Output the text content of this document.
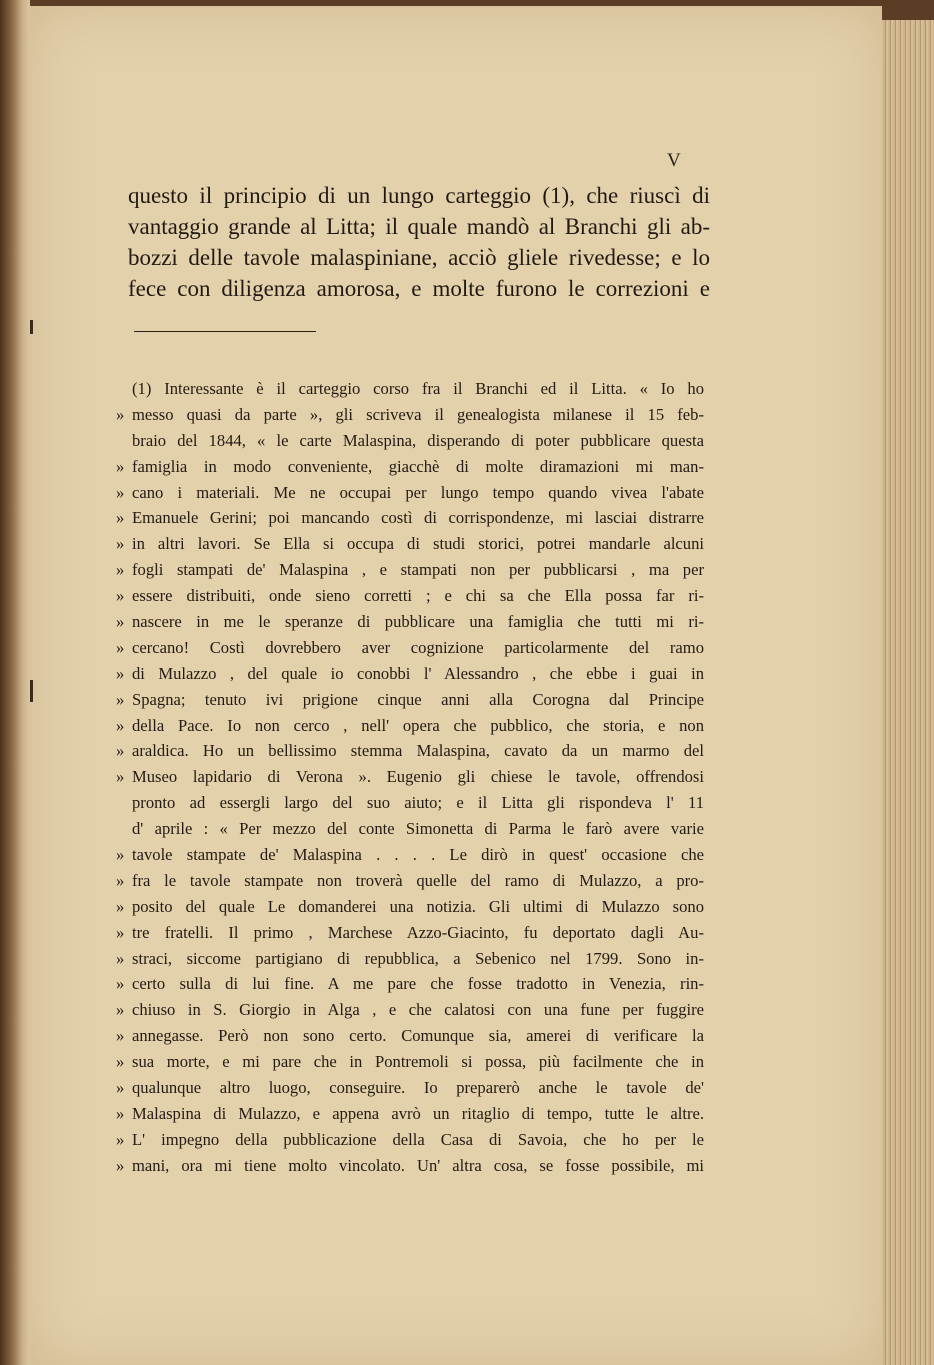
V
questo il principio di un lungo carteggio (1), che riuscì di
vantaggio grande al Litta; il quale mandò al Branchi gli ab-
bozzi delle tavole malaspiniane, acciò gliele rivedesse; e lo
fece con diligenza amorosa, e molte furono le correzioni e
(1) Interessante è il carteggio corso fra il Branchi ed il Litta. « Io ho
» messo quasi da parte », gli scriveva il genealogista milanese il 15 feb-
braio del 1844, « le carte Malaspina, disperando di poter pubblicare questa
» famiglia in modo conveniente, giacchè di molte diramazioni mi man-
» cano i materiali. Me ne occupai per lungo tempo quando vivea l'abate
» Emanuele Gerini; poi mancando costì di corrispondenze, mi lasciai distrarre
» in altri lavori. Se Ella si occupa di studi storici, potrei mandarle alcuni
» fogli stampati de' Malaspina , e stampati non per pubblicarsi , ma per
» essere distribuiti, onde sieno corretti ; e chi sa che Ella possa far ri-
» nascere in me le speranze di pubblicare una famiglia che tutti mi ri-
» cercano! Costì dovrebbero aver cognizione particolarmente del ramo
» di Mulazzo , del quale io conobbi l' Alessandro , che ebbe i guai in
» Spagna; tenuto ivi prigione cinque anni alla Corogna dal Principe
» della Pace. Io non cerco , nell' opera che pubblico, che storia, e non
» araldica. Ho un bellissimo stemma Malaspina, cavato da un marmo del
» Museo lapidario di Verona ». Eugenio gli chiese le tavole, offrendosi
pronto ad essergli largo del suo aiuto; e il Litta gli rispondeva l' 11
d' aprile : « Per mezzo del conte Simonetta di Parma le farò avere varie
» tavole stampate de' Malaspina . . . . Le dirò in quest' occasione che
» fra le tavole stampate non troverà quelle del ramo di Mulazzo, a pro-
» posito del quale Le domanderei una notizia. Gli ultimi di Mulazzo sono
» tre fratelli. Il primo , Marchese Azzo-Giacinto, fu deportato dagli Au-
» straci, siccome partigiano di repubblica, a Sebenico nel 1799. Sono in-
» certo sulla di lui fine. A me pare che fosse tradotto in Venezia, rin-
» chiuso in S. Giorgio in Alga , e che calatosi con una fune per fuggire
» annegasse. Però non sono certo. Comunque sia, amerei di verificare la
» sua morte, e mi pare che in Pontremoli si possa, più facilmente che in
» qualunque altro luogo, conseguire. Io preparerò anche le tavole de'
» Malaspina di Mulazzo, e appena avrò un ritaglio di tempo, tutte le altre.
» L' impegno della pubblicazione della Casa di Savoia, che ho per le
» mani, ora mi tiene molto vincolato. Un' altra cosa, se fosse possibile, mi
